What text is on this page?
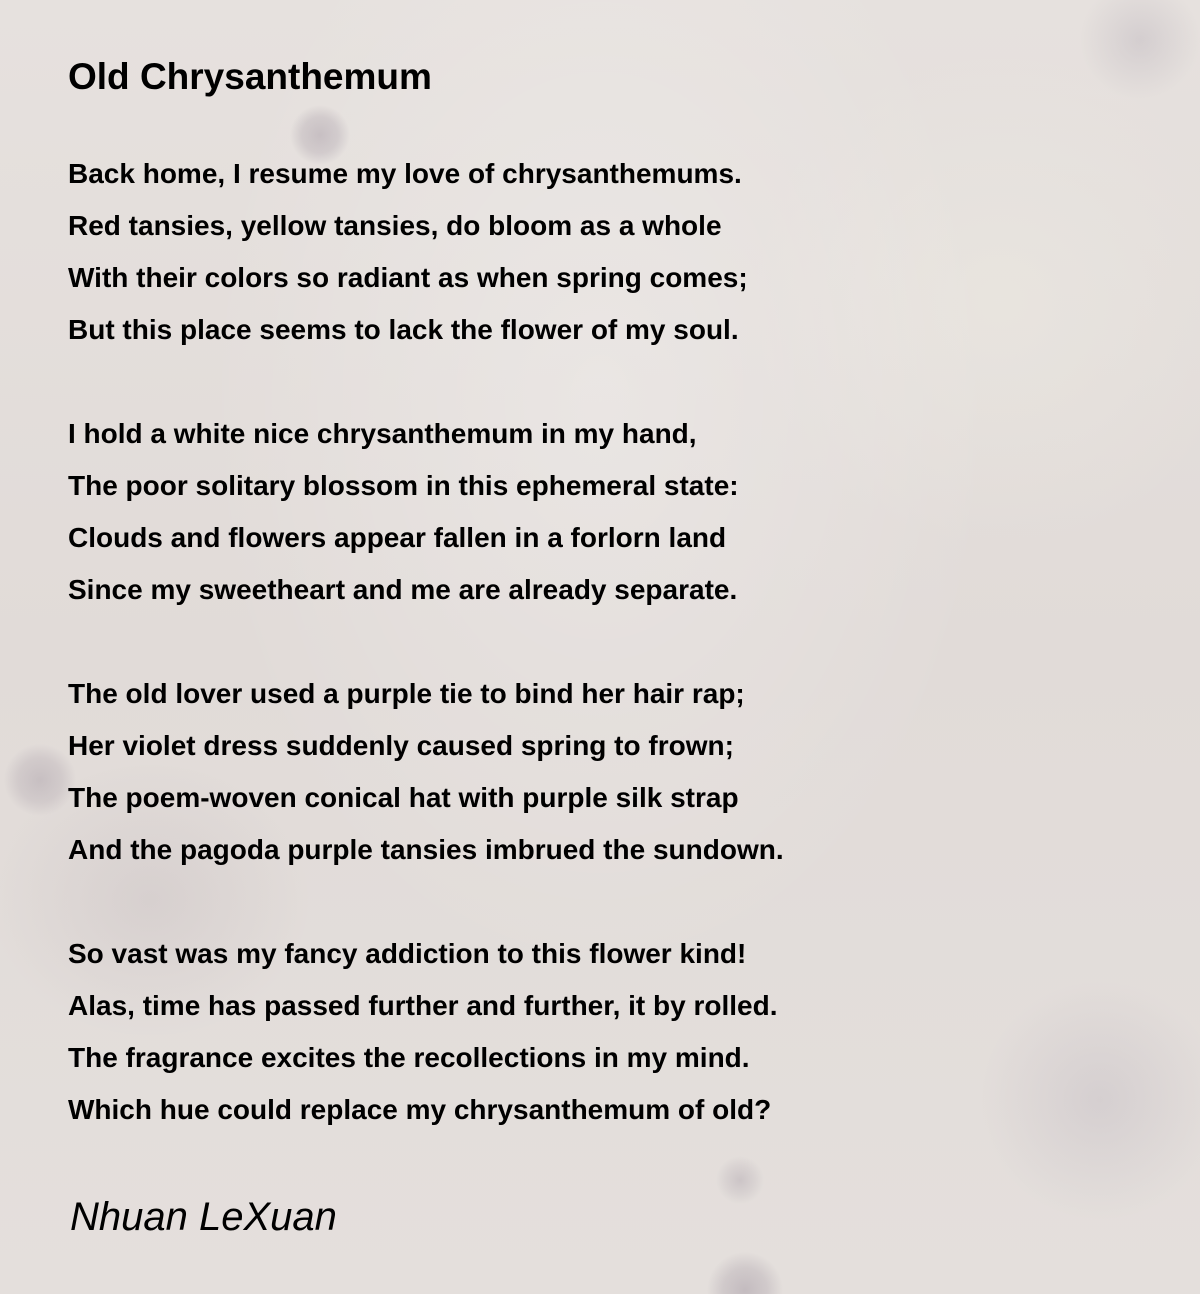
Old Chrysanthemum

Back home, I resume my love of chrysanthemums.
Red tansies, yellow tansies, do bloom as a whole
With their colors so radiant as when spring comes;
But this place seems to lack the flower of my soul.

I hold a white nice chrysanthemum in my hand,
The poor solitary blossom in this ephemeral state:
Clouds and flowers appear fallen in a forlorn land
Since my sweetheart and me are already separate.

The old lover used a purple tie to bind her hair rap;
Her violet dress suddenly caused spring to frown;
The poem-woven conical hat with purple silk strap
And the pagoda purple tansies imbrued the sundown.

So vast was my fancy addiction to this flower kind!
Alas, time has passed further and further, it by rolled.
The fragrance excites the recollections in my mind.
Which hue could replace my chrysanthemum of old?

Nhuan LeXuan
